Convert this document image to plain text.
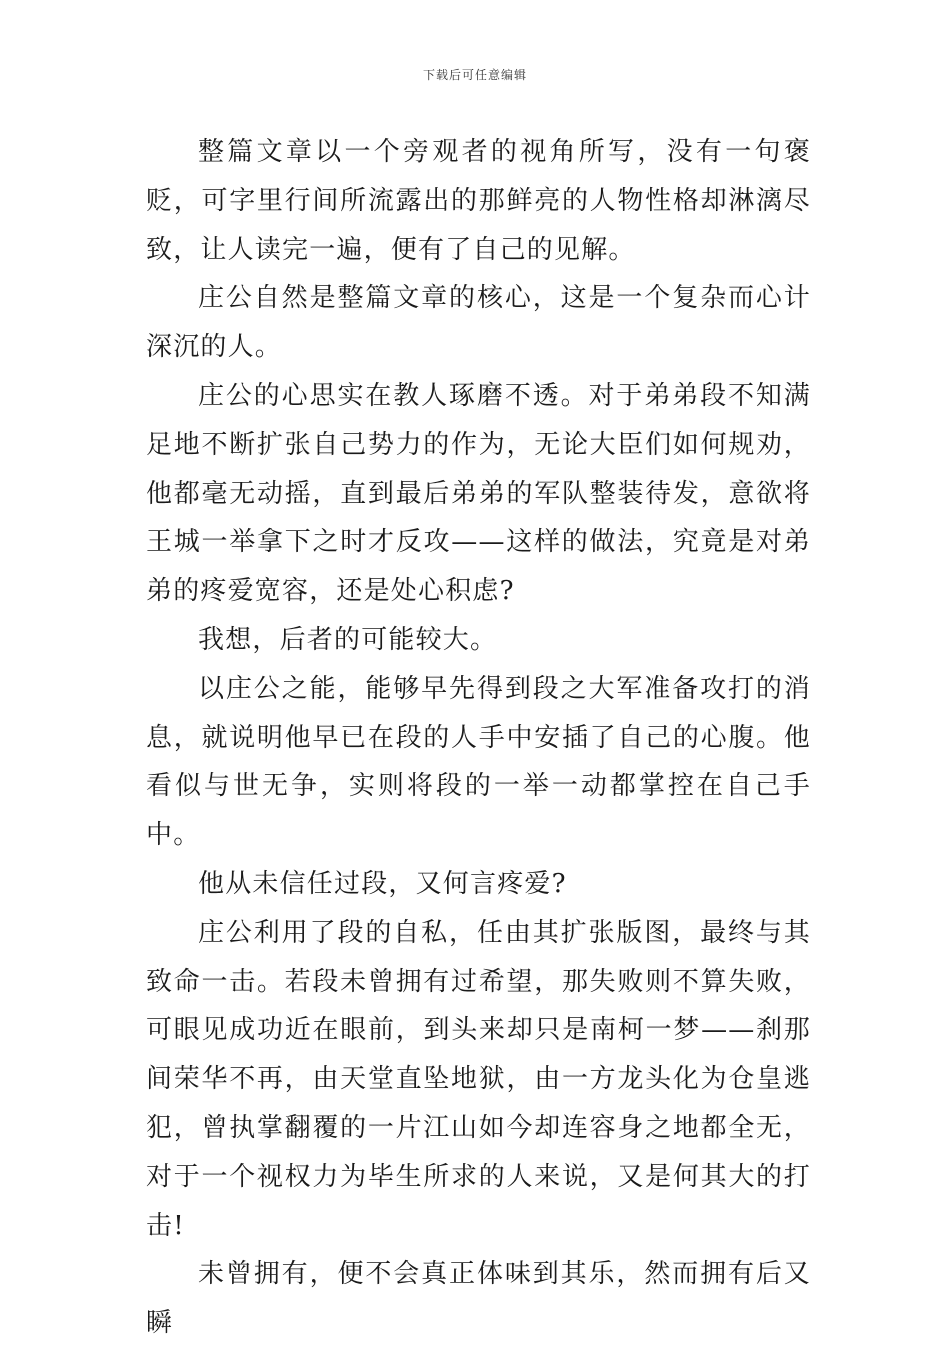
下载后可任意编辑

整篇文章以一个旁观者的视角所写，没有一句褒贬，可字里行间所流露出的那鲜亮的人物性格却淋漓尽致，让人读完一遍，便有了自己的见解。

庄公自然是整篇文章的核心，这是一个复杂而心计深沉的人。

庄公的心思实在教人琢磨不透。对于弟弟段不知满足地不断扩张自己势力的作为，无论大臣们如何规劝，他都毫无动摇，直到最后弟弟的军队整装待发，意欲将王城一举拿下之时才反攻——这样的做法，究竟是对弟弟的疼爱宽容，还是处心积虑?

我想，后者的可能较大。

以庄公之能，能够早先得到段之大军准备攻打的消息，就说明他早已在段的人手中安插了自己的心腹。他看似与世无争，实则将段的一举一动都掌控在自己手中。

他从未信任过段，又何言疼爱?

庄公利用了段的自私，任由其扩张版图，最终与其致命一击。若段未曾拥有过希望，那失败则不算失败，可眼见成功近在眼前，到头来却只是南柯一梦——刹那间荣华不再，由天堂直坠地狱，由一方龙头化为仓皇逃犯，曾执掌翻覆的一片江山如今却连容身之地都全无，对于一个视权力为毕生所求的人来说，又是何其大的打击!

未曾拥有，便不会真正体味到其乐，然而拥有后又瞬
